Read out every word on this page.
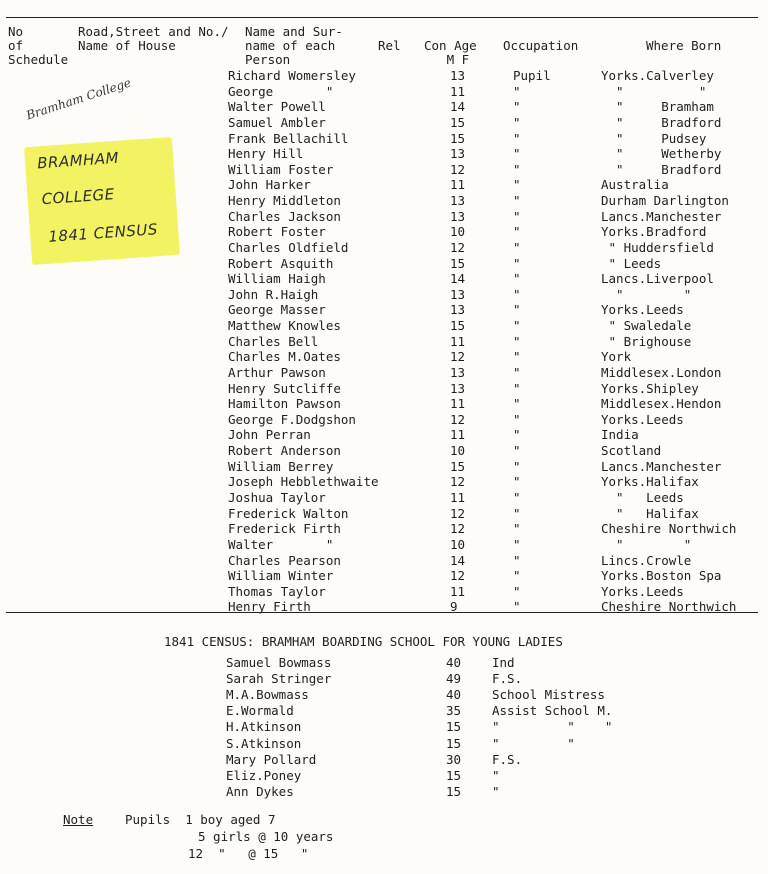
No
of
Schedule
Road,Street and No./
Name of House
Name and Sur-
name of each
Person
Rel Con Age
M F
Occupation	Where Born
Bramham College
BRAMHAM
COLLEGE
1841 CENSUS
Richard Womersley	13	Pupil	Yorks.Calverley
George       "	11	"	"          "
Walter Powell	14	"	"     Bramham
Samuel Ambler	15	"	"     Bradford
Frank Bellachill	15	"	"     Pudsey
Henry Hill	13	"	"     Wetherby
William Foster	12	"	"     Bradford
John Harker	11	"	Australia
Henry Middleton	13	"	Durham Darlington
Charles Jackson	13	"	Lancs.Manchester
Robert Foster	10	"	Yorks.Bradford
Charles Oldfield	12	"	" Huddersfield
Robert Asquith	15	"	" Leeds
William Haigh	14	"	Lancs.Liverpool
John R.Haigh	13	"	"        "
George Masser	13	"	Yorks.Leeds
Matthew Knowles	15	"	" Swaledale
Charles Bell	11	"	" Brighouse
Charles M.Oates	12	"	York
Arthur Pawson	13	"	Middlesex.London
Henry Sutcliffe	13	"	Yorks.Shipley
Hamilton Pawson	11	"	Middlesex.Hendon
George F.Dodgshon	12	"	Yorks.Leeds
John Perran	11	"	India
Robert Anderson	10	"	Scotland
William Berrey	15	"	Lancs.Manchester
Joseph Hebblethwaite	12	"	Yorks.Halifax
Joshua Taylor	11	"	"   Leeds
Frederick Walton	12	"	"   Halifax
Frederick Firth	12	"	Cheshire Northwich
Walter       "	10	"	"        "
Charles Pearson	14	"	Lincs.Crowle
William Winter	12	"	Yorks.Boston Spa
Thomas Taylor	11	"	Yorks.Leeds
Henry Firth	9	"	Cheshire Northwich
1841 CENSUS: BRAMHAM BOARDING SCHOOL FOR YOUNG LADIES
Samuel Bowmass	40 Ind
Sarah Stringer	49 F.S.
M.A.Bowmass	40 School Mistress
E.Wormald	35 Assist School M.
H.Atkinson	15 "         "    "
S.Atkinson	15 "         "
Mary Pollard	30 F.S.
Eliz.Poney	15 "
Ann Dykes	15 "
Note	Pupils  1 boy aged 7
5 girls @ 10 years
12  "   @ 15   "
